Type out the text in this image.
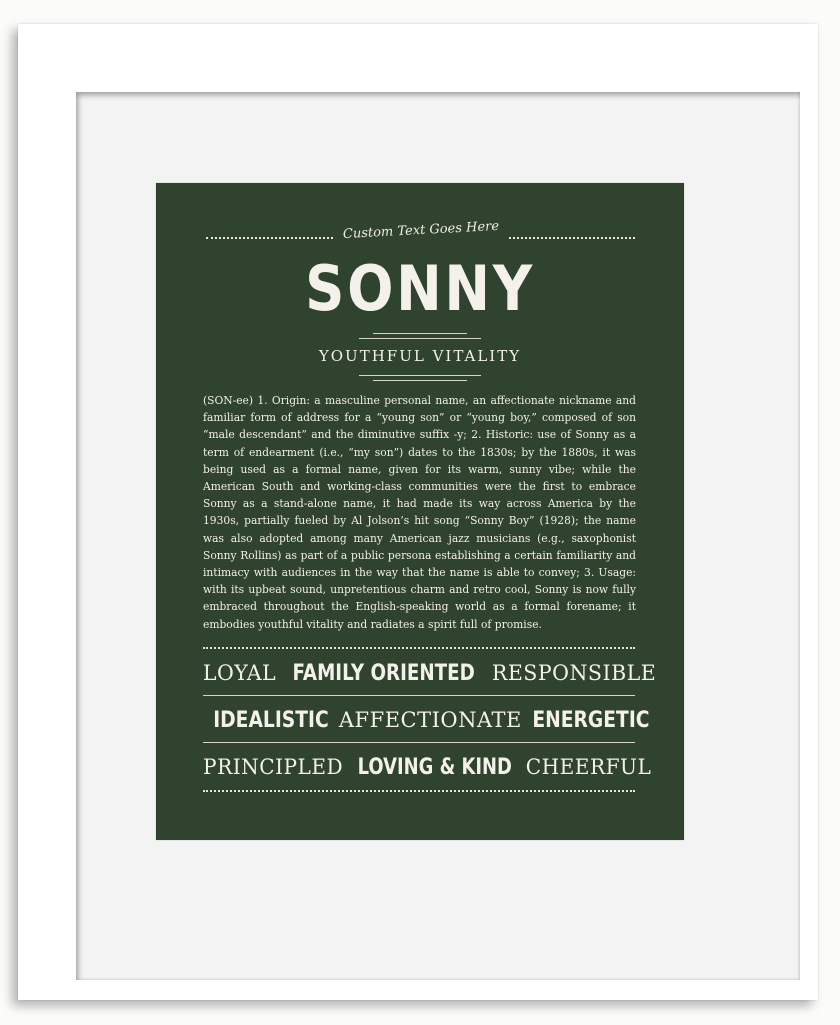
Custom Text Goes Here
SONNY
YOUTHFUL VITALITY
(SON-ee) 1. Origin: a masculine personal name, an affectionate nickname and familiar form of address for a “young son” or “young boy,” composed of son “male descendant” and the diminutive suffix -y; 2. Historic: use of Sonny as a term of endearment (i.e., “my son”) dates to the 1830s; by the 1880s, it was being used as a formal name, given for its warm, sunny vibe; while the American South and working-class communities were the first to embrace Sonny as a stand-alone name, it had made its way across America by the 1930s, partially fueled by Al Jolson’s hit song “Sonny Boy” (1928); the name was also adopted among many American jazz musicians (e.g., saxophonist Sonny Rollins) as part of a public persona establishing a certain familiarity and intimacy with audiences in the way that the name is able to convey; 3. Usage: with its upbeat sound, unpretentious charm and retro cool, Sonny is now fully embraced throughout the English-speaking world as a formal forename; it embodies youthful vitality and radiates a spirit full of promise.
LOYAL FAMILY ORIENTED RESPONSIBLE
IDEALISTIC AFFECTIONATE ENERGETIC
PRINCIPLED LOVING & KIND CHEERFUL
